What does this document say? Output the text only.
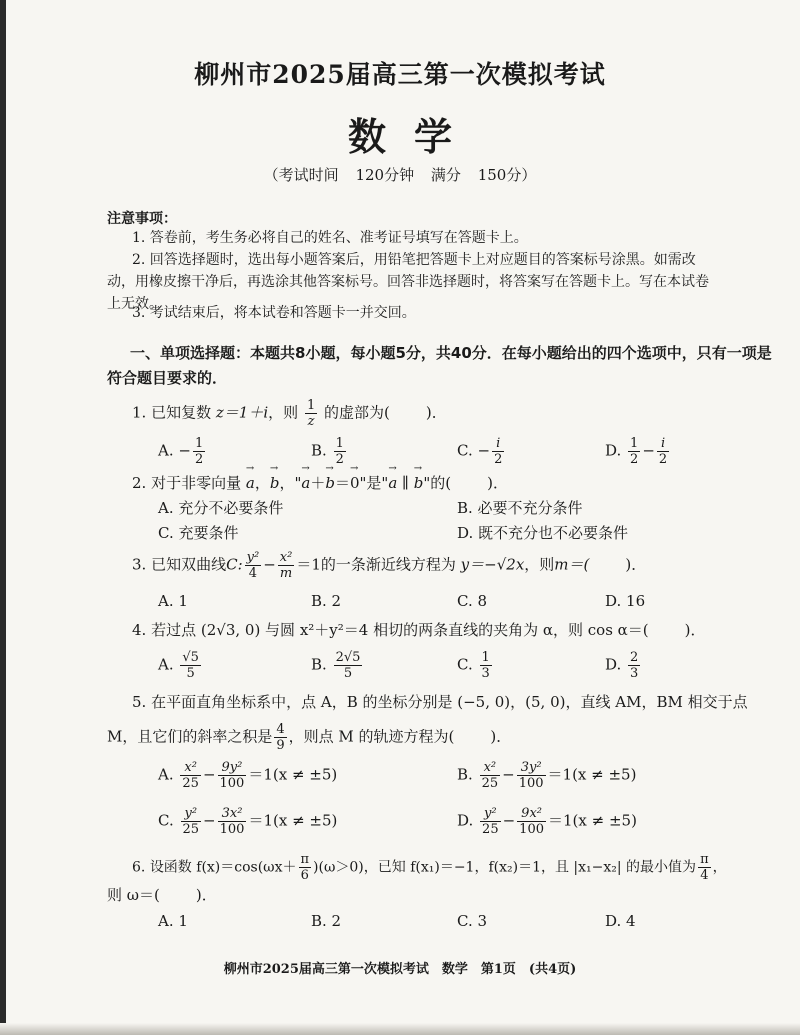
柳州市2025届高三第一次模拟考试
数学
（考试时间 120分钟 满分 150分）
注意事项：
1. 答卷前，考生务必将自己的姓名、准考证号填写在答题卡上。
2. 回答选择题时，选出每小题答案后，用铅笔把答题卡上对应题目的答案标号涂黑。如需改
动，用橡皮擦干净后，再选涂其他答案标号。回答非选择题时，将答案写在答题卡上。写在本试卷
上无效。
3. 考试结束后，将本试卷和答题卡一并交回。
一、单项选择题：本题共8小题，每小题5分，共40分．在每小题给出的四个选项中，只有一项是
符合题目要求的．
1. 已知复数 z＝1＋i，则 $\frac{1}{z}$ 的虚部为( )．
A. − $\frac{1}{2}$	B. $\frac{1}{2}$	C. − $\frac{i}{2}$	D. $\frac{1}{2} - \frac{i}{2}$
2. 对于非零向量 → a，→ b，"→ a＋→ b＝→ 0"是"→ a ∥ → b"的( )．
A. 充分不必要条件	B. 必要不充分条件
C. 充要条件	D. 既不充分也不必要条件
3. 已知双曲线C: $\frac{\text{y²}}{4} - \frac{\text{x²}}{m} =1$的一条渐近线方程为 y＝−√2x，则m＝( )．
A. 1	B. 2	C. 8	D. 16
4. 若过点 (2√3, 0) 与圆 x²＋y²＝4 相切的两条直线的夹角为 α，则 cos α＝( )．
A. $\frac{√5}{5}$	B. $\frac{2√5}{5}$	C. $\frac{1}{3}$	D. $\frac{2}{3}$
5. 在平面直角坐标系中，点 A，B 的坐标分别是 (−5, 0)，(5, 0)，直线 AM，BM 相交于点
M，且它们的斜率之积是 $\frac{4}{9}$ ，则点 M 的轨迹方程为( )．
A. $\frac{\text{x²}}{25} - \frac{\text{9y²}}{100} =1(x \ne \pm 5)$	B. $\frac{\text{x²}}{25} - \frac{\text{3y²}}{100} =1(x \ne \pm 5)$
C. $\frac{\text{y²}}{25} - \frac{\text{3x²}}{100} =1(x \ne \pm 5)$	D. $\frac{\text{y²}}{25} - \frac{\text{9x²}}{100} =1(x \ne \pm 5)$
6. 设函数 $f(x)=\cos(\omega x+ \frac{\pi}{6} )(\omega>0)$，已知 f(x₁)＝−1，f(x₂)＝1，且 |x₁−x₂| 的最小值为 $\frac{\pi}{4}$ ，
则 ω＝( )．
A. 1	B. 2	C. 3	D. 4
柳州市2025届高三第一次模拟考试　数学　第1页　(共4页)
